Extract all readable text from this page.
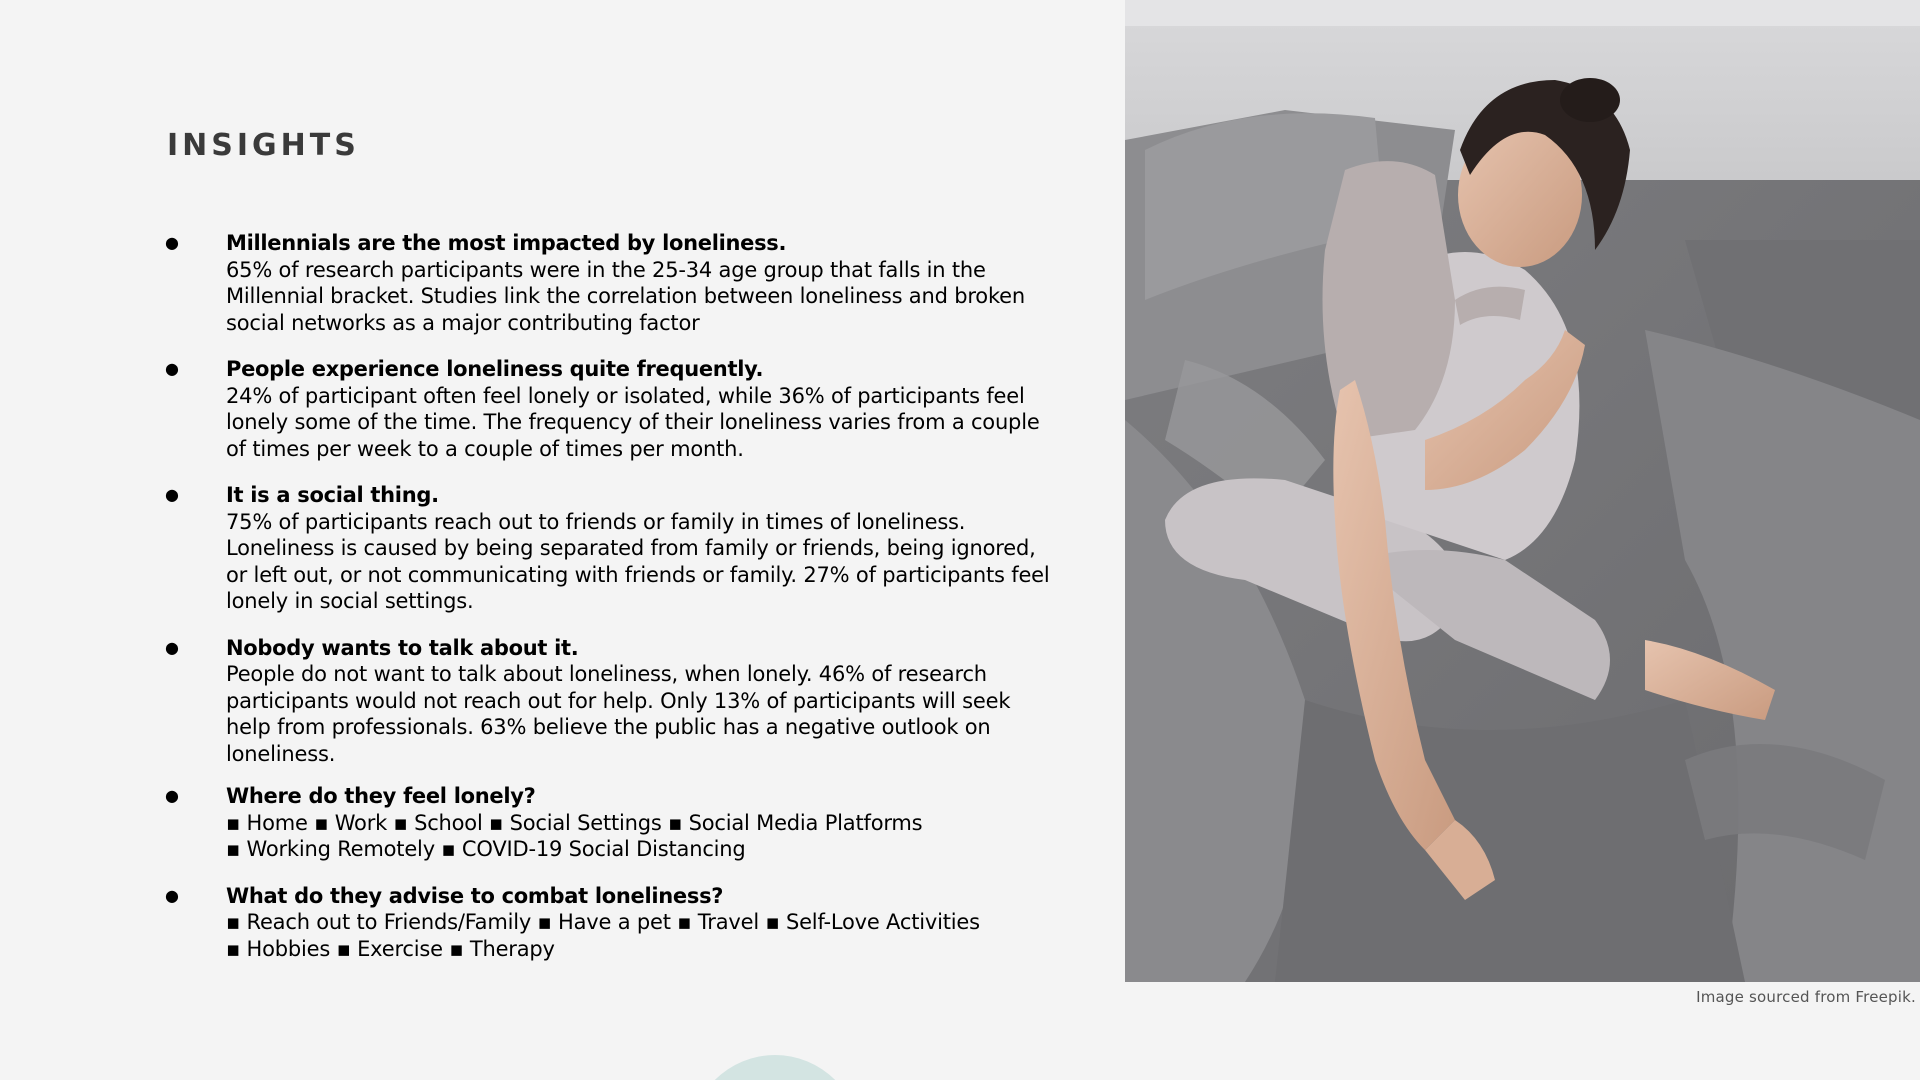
INSIGHTS
● Millennials are the most impacted by loneliness.
65% of research participants were in the 25-34 age group that falls in the Millennial bracket. Studies link the correlation between loneliness and broken social networks as a major contributing factor
● People experience loneliness quite frequently.
24% of participant often feel lonely or isolated, while 36% of participants feel lonely some of the time. The frequency of their loneliness varies from a couple of times per week to a couple of times per month.
● It is a social thing.
75% of participants reach out to friends or family in times of loneliness. Loneliness is caused by being separated from family or friends, being ignored, or left out, or not communicating with friends or family. 27% of participants feel lonely in social settings.
● Nobody wants to talk about it.
People do not want to talk about loneliness, when lonely. 46% of research participants would not reach out for help. Only 13% of participants will seek help from professionals. 63% believe the public has a negative outlook on loneliness.
● Where do they feel lonely?
▪ Home ▪ Work ▪ School ▪ Social Settings ▪ Social Media Platforms
▪ Working Remotely ▪ COVID-19 Social Distancing
● What do they advise to combat loneliness?
▪ Reach out to Friends/Family ▪ Have a pet ▪ Travel ▪ Self-Love Activities
▪ Hobbies ▪ Exercise ▪ Therapy
Image sourced from Freepik.
